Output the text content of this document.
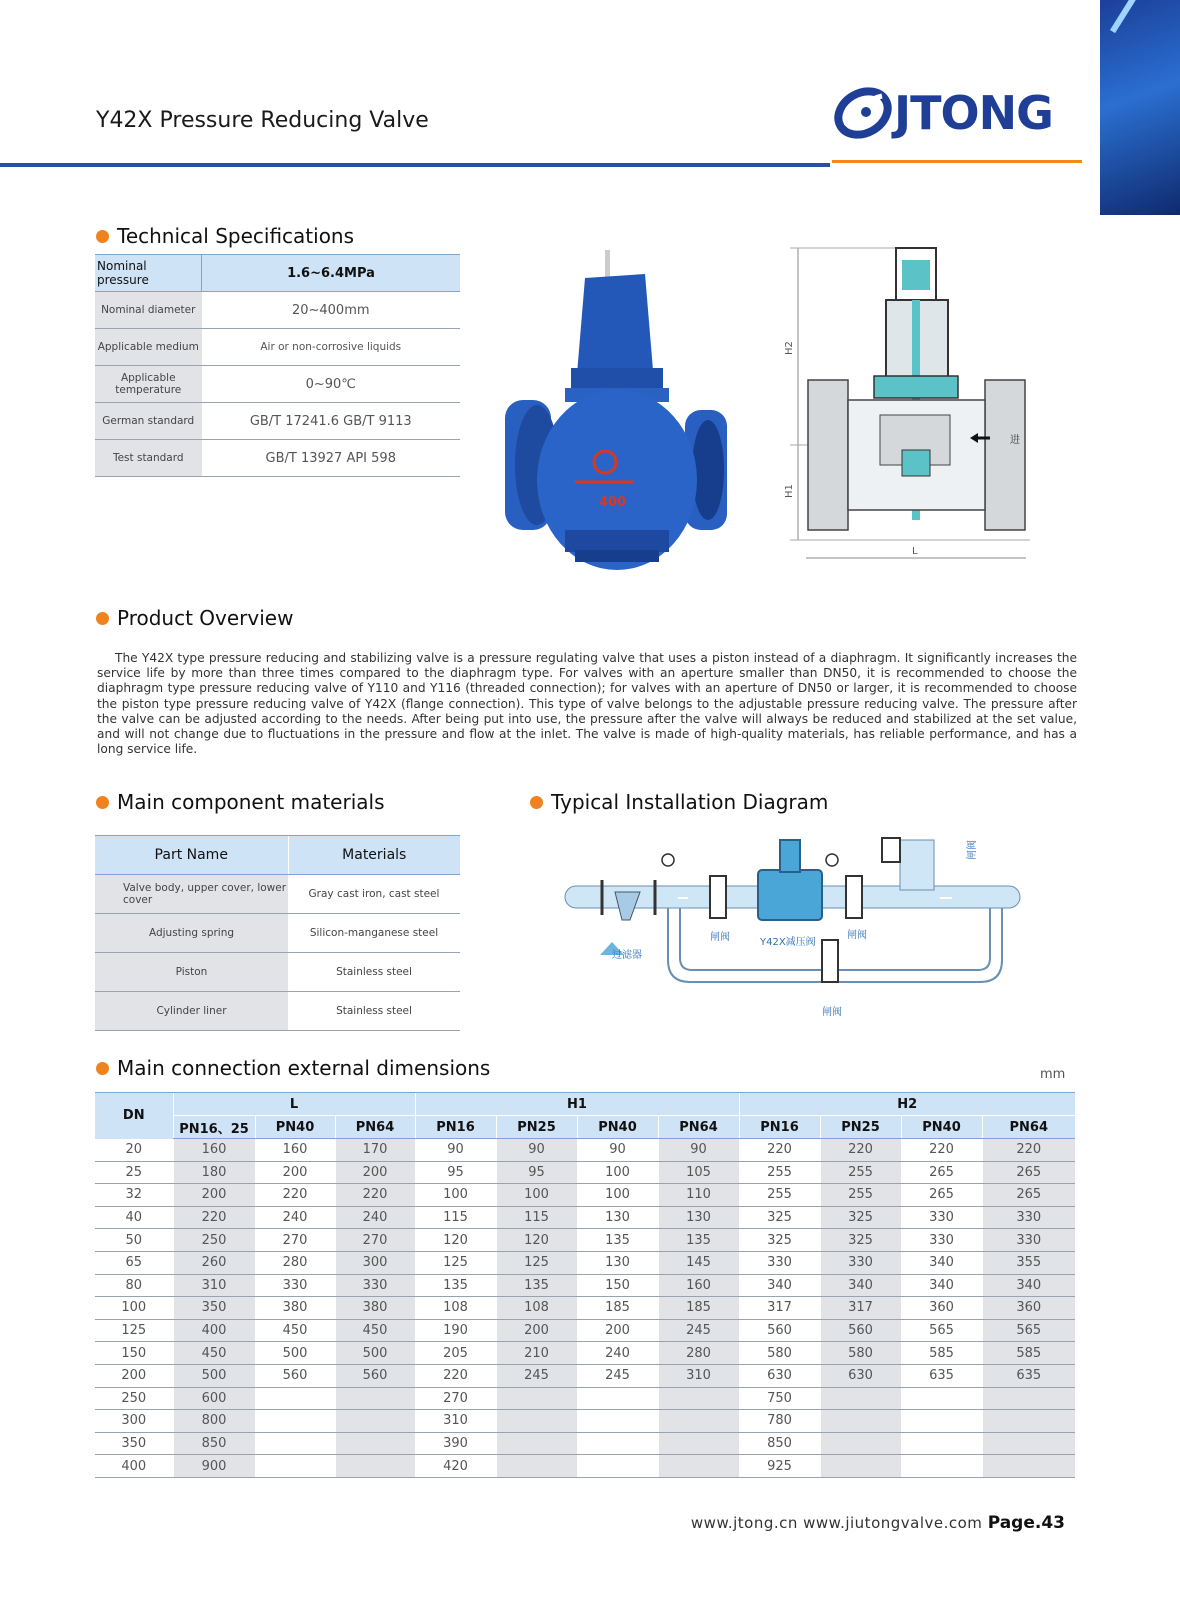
Y42X Pressure Reducing Valve	JTONG
Technical Specifications
Nominal pressure	1.6~6.4MPa
Nominal diameter	20~400mm
Applicable medium	Air or non-corrosive liquids
Applicable temperature	0~90℃
German standard	GB/T 17241.6 GB/T 9113
Test standard	GB/T 13927 API 598
400
H2
H1
L
进
Product Overview
The Y42X type pressure reducing and stabilizing valve is a pressure regulating valve that uses a piston instead of a diaphragm. It significantly increases the service life by more than three times compared to the diaphragm type. For valves with an aperture smaller than DN50, it is recommended to choose the diaphragm type pressure reducing valve of Y110 and Y116 (threaded connection); for valves with an aperture of DN50 or larger, it is recommended to choose the piston type pressure reducing valve of Y42X (flange connection). This type of valve belongs to the adjustable pressure reducing valve. The pressure after the valve can be adjusted according to the needs. After being put into use, the pressure after the valve will always be reduced and stabilized at the set value, and will not change due to fluctuations in the pressure and flow at the inlet. The valve is made of high-quality materials, has reliable performance, and has a long service life.
Main component materials
Part Name	Materials
Valve body, upper cover, lower cover	Gray cast iron, cast steel
Adjusting spring	Silicon-manganese steel
Piston	Stainless steel
Cylinder liner	Stainless steel
Typical Installation Diagram
过滤器
闸阀	Y42X减压阀
闸阀
闸阀
闸阀
Main connection external dimensions	mm
DN	L			H1				H2			
	PN16、25	PN40	PN64	PN16	PN25	PN40	PN64	PN16	PN25	PN40	PN64
20	160	160	170	90	90	90	90	220	220	220	220
25	180	200	200	95	95	100	105	255	255	265	265
32	200	220	220	100	100	100	110	255	255	265	265
40	220	240	240	115	115	130	130	325	325	330	330
50	250	270	270	120	120	135	135	325	325	330	330
65	260	280	300	125	125	130	145	330	330	340	355
80	310	330	330	135	135	150	160	340	340	340	340
100	350	380	380	108	108	185	185	317	317	360	360
125	400	450	450	190	200	200	245	560	560	565	565
150	450	500	500	205	210	240	280	580	580	585	585
200	500	560	560	220	245	245	310	630	630	635	635
250	600			270				750			
300	800			310				780			
350	850			390				850			
400	900			420				925			
www.jtong.cn www.jiutongvalve.com Page.43
